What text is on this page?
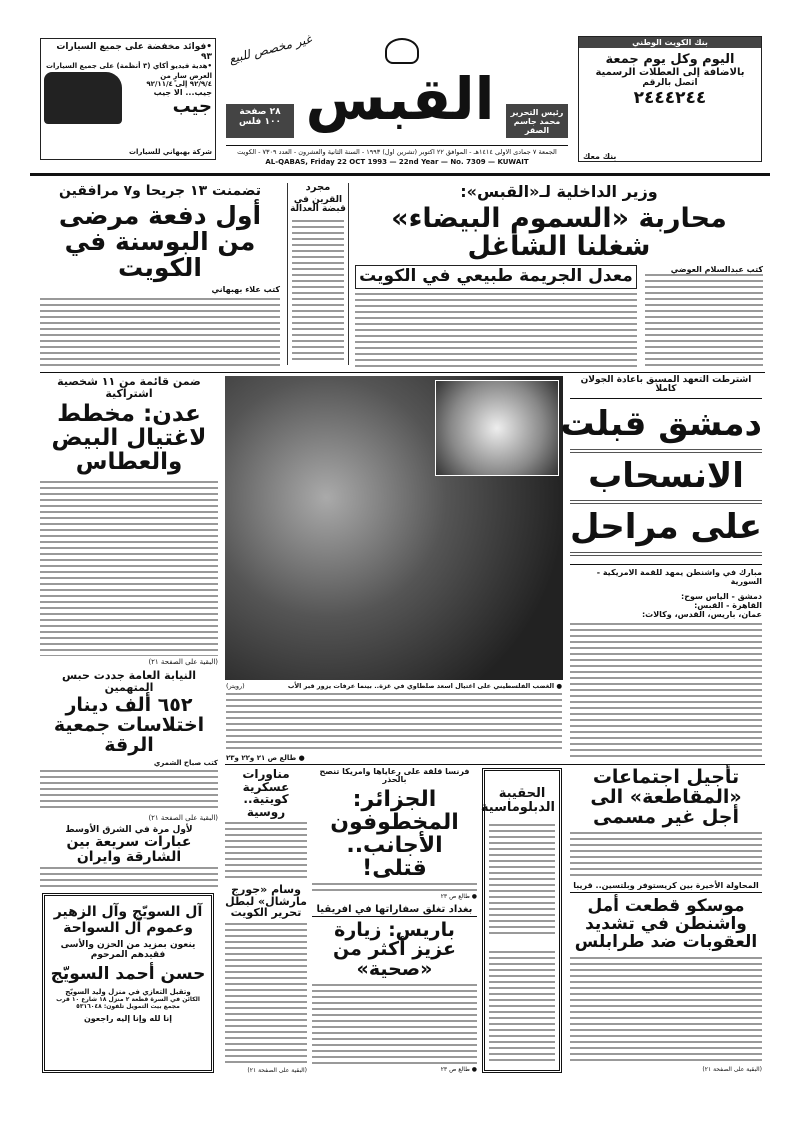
•فوائد مخفضة على جميع السيارات ٩٣
•هدية فيديو أكاي (٣ أنظمة) على جميع السيارات
العرض سارٍ من
٩٢/٩/٤ إلى ٩٢/١١/٤
جيب... الا جيب
جيب
شركة بهبهاني للسيارات
غير مخصص للبيع
٢٨ صفحة
١٠٠ فلس القبس	رئيس التحرير
محمد جاسم الصقر
بنك الكويت الوطني
اليوم وكل يوم جمعة
بالاضافة إلى العطلات الرسمية
اتصل بالرقم
٢٤٤٤٢٤٤
بنك معك
الجمعة ٧ جمادى الاولى ١٤١٤هـ - الموافق ٢٢ اكتوبر (تشرين اول) ١٩٩٣ - السنة الثانية والعشرون - العدد ٧٣٠٩ - الكويت
AL-QABAS, Friday 22 OCT 1993 — 22nd Year — No. 7309 — KUWAIT
وزير الداخلية لـ«القبس»:
محاربة «السموم البيضاء» شغلنا الشاغل
كتب عبدالسلام العوضي
معدل الجريمة طبيعي في الكويت
مجرد
القرين في قبضة العدالة
تضمنت ١٣ جريحا و٧ مرافقين
أول دفعة مرضى من البوسنة في الكويت
كتب علاء بهبهاني
ضمن قائمة من ١١ شخصية اشتراكية
عدن: مخطط لاغتيال البيض والعطاس
(البقية على الصفحة ٢١)
● الغضب الفلسطيني على اغتيال اسعد صلطاوي في غزة.. بينما عرفات يزور قبر الأب
(رويتر)
● طالع ص ٢١ و٢٢ و٢٣
اشترطت التعهد المسبق باعادة الجولان كاملا
دمشق قبلت
الانسحاب
على مراحل
مبارك في واشنطن يمهد للقمة الامريكية - السورية
دمشق - الياس سوح:
القاهرة - القبس:
عمان، باريس، القدس، وكالات:
النيابة العامة جددت حبس المتهمين
٦٥٢ ألف دينار اختلاسات جمعية الرقة
كتب صباح الشمري
(البقية على الصفحة ٢١)
لأول مرة في الشرق الأوسط
عبارات سريعة بين الشارقة وايران
آل السويّج وآل الزهير
وعموم آل السواحة
ينعون بمزيد من الحزن والأسى
فقيدهم المرحوم
حسن أحمد السويّج
وتقبل التعازي في منزل وليد السويّج
الكائن في السرة قطعة ٢ منزل ١٨ شارع ١٠ قرب
مجمع بيت التمويل تلفون: ٥٣١٦٠٤٨
إنا لله وإنا إليه راجعون
مناورات عسكرية كويتية.. روسية
وسام «جورج مارشال» لبطل تحرير الكويت
(البقية على الصفحة ٢١)
فرنسا قلقة على رعاياها وامريكا تنصح بالحذر
الجزائر: المخطوفون الأجانب.. قتلى!
● طالع ص ٢٣
بغداد تغلق سفاراتها في افريقيا
باريس: زيارة عزيز أكثر من «صحية»
● طالع ص ٢٣
الحقيبة الدبلوماسية
تأجيل اجتماعات «المقاطعة» الى أجل غير مسمى
المحاولة الأخيرة بين كريستوفر وبلتسين.. قريبا
موسكو قطعت أمل واشنطن في تشديد العقوبات ضد طرابلس
(البقية على الصفحة ٢١)
